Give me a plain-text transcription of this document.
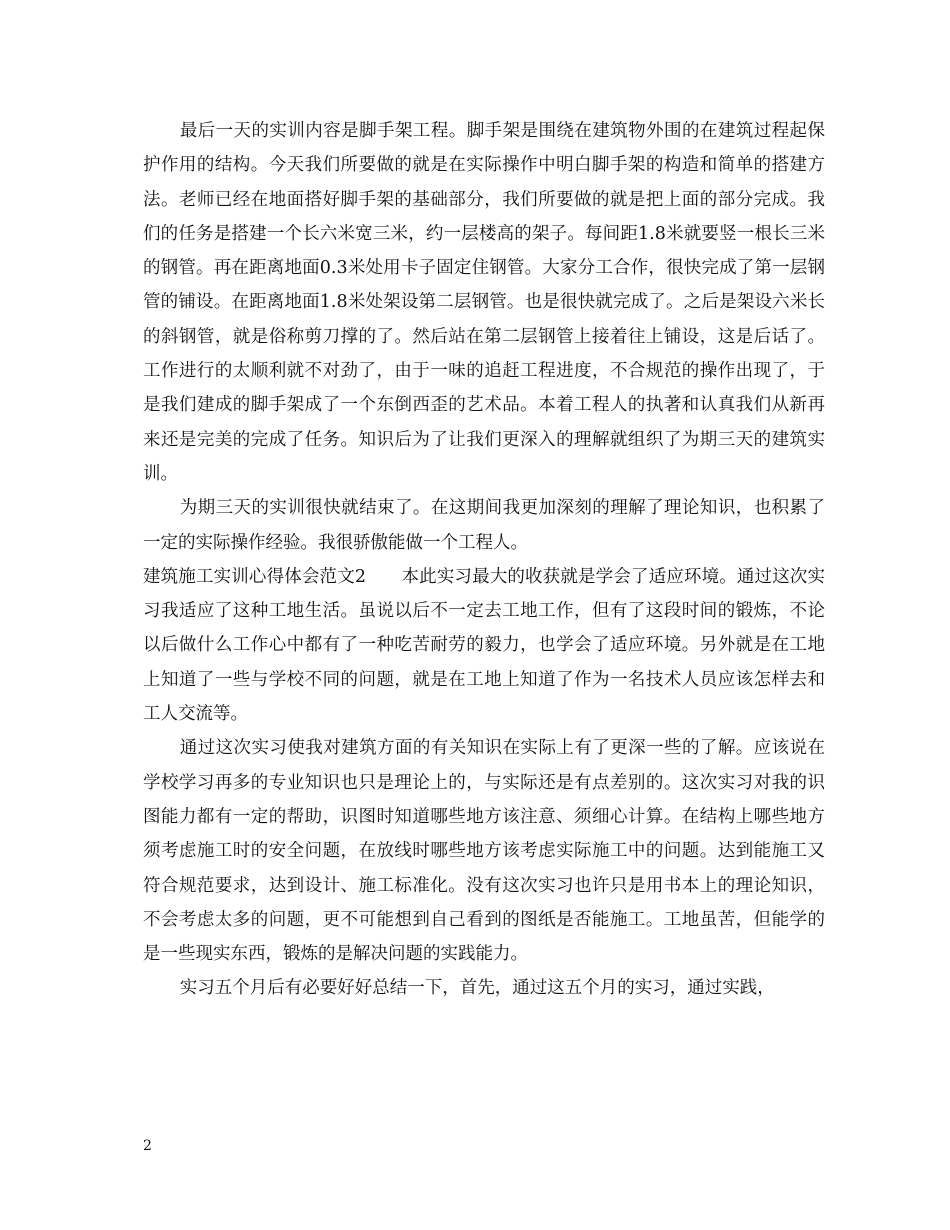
最后一天的实训内容是脚手架工程。脚手架是围绕在建筑物外围的在建筑过程起保护作用的结构。今天我们所要做的就是在实际操作中明白脚手架的构造和简单的搭建方法。老师已经在地面搭好脚手架的基础部分，我们所要做的就是把上面的部分完成。我们的任务是搭建一个长六米宽三米，约一层楼高的架子。每间距1.8米就要竖一根长三米的钢管。再在距离地面0.3米处用卡子固定住钢管。大家分工合作，很快完成了第一层钢管的铺设。在距离地面1.8米处架设第二层钢管。也是很快就完成了。之后是架设六米长的斜钢管，就是俗称剪刀撑的了。然后站在第二层钢管上接着往上铺设，这是后话了。工作进行的太顺利就不对劲了，由于一味的追赶工程进度，不合规范的操作出现了，于是我们建成的脚手架成了一个东倒西歪的艺术品。本着工程人的执著和认真我们从新再来还是完美的完成了任务。知识后为了让我们更深入的理解就组织了为期三天的建筑实训。

为期三天的实训很快就结束了。在这期间我更加深刻的理解了理论知识，也积累了一定的实际操作经验。我很骄傲能做一个工程人。

建筑施工实训心得体会范文2　　 本此实习最大的收获就是学会了适应环境。通过这次实习我适应了这种工地生活。虽说以后不一定去工地工作，但有了这段时间的锻炼，不论以后做什么工作心中都有了一种吃苦耐劳的毅力，也学会了适应环境。另外就是在工地上知道了一些与学校不同的问题，就是在工地上知道了作为一名技术人员应该怎样去和工人交流等。

通过这次实习使我对建筑方面的有关知识在实际上有了更深一些的了解。应该说在学校学习再多的专业知识也只是理论上的，与实际还是有点差别的。这次实习对我的识图能力都有一定的帮助，识图时知道哪些地方该注意、须细心计算。在结构上哪些地方须考虑施工时的安全问题，在放线时哪些地方该考虑实际施工中的问题。达到能施工又符合规范要求，达到设计、施工标准化。没有这次实习也许只是用书本上的理论知识，不会考虑太多的问题，更不可能想到自己看到的图纸是否能施工。工地虽苦，但能学的是一些现实东西，锻炼的是解决问题的实践能力。

实习五个月后有必要好好总结一下，首先，通过这五个月的实习，通过实践，

2
